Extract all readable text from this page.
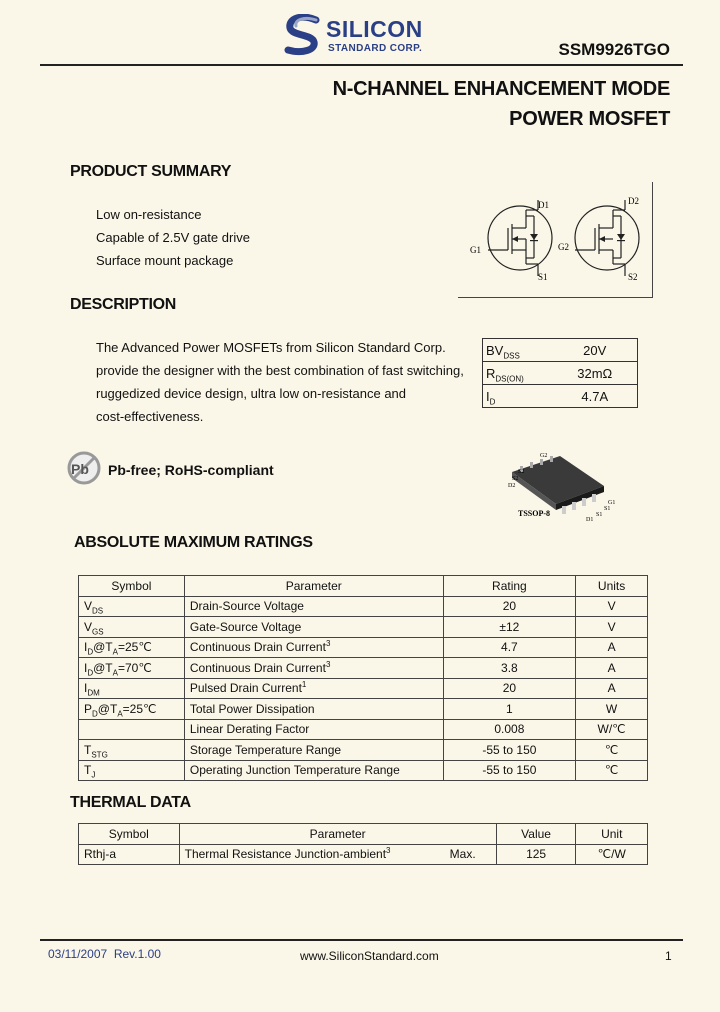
SILICON
STANDARD CORP.	SSM9926TGO
N-CHANNEL ENHANCEMENT MODE
POWER MOSFET
PRODUCT SUMMARY
Low on-resistance
Capable of 2.5V gate drive
Surface mount package
D1
G1
S1
D2
G2
S2
DESCRIPTION
The Advanced Power MOSFETs from Silicon Standard Corp.
provide the designer with the best combination of fast switching,
ruggedized device design, ultra low on-resistance and
cost-effectiveness.
$BV_{DSS}$	20V
$R_{DS(ON)}$	32mΩ
$I_D$	4.7A
Pb Pb-free; RoHS-compliant
G2
S2
S2
D2
D1
S1
S1
G1
TSSOP-8
ABSOLUTE MAXIMUM RATINGS
Symbol	Parameter	Rating	Units
$V_{DS}$	Drain-Source Voltage	20	V
$V_{GS}$	Gate-Source Voltage	±12	V
$I_D@T_A=25℃$	Continuous Drain Current$^3$	4.7	A
$I_D@T_A=70℃$	Continuous Drain Current$^3$	3.8	A
$I_{DM}$	Pulsed Drain Current$^1$	20	A
$P_D@T_A=25℃$	Total Power Dissipation	1	W
	Linear Derating Factor	0.008	W/℃
$T_{STG}$	Storage Temperature Range	-55 to 150	℃
$T_J$	Operating Junction Temperature Range	-55 to 150	℃
THERMAL DATA
Symbol	Parameter		Value	Unit
Rthj-a	Thermal Resistance Junction-ambient$^3$	Max.	125	℃/W
03/11/2007  Rev.1.00	www.SiliconStandard.com	1
